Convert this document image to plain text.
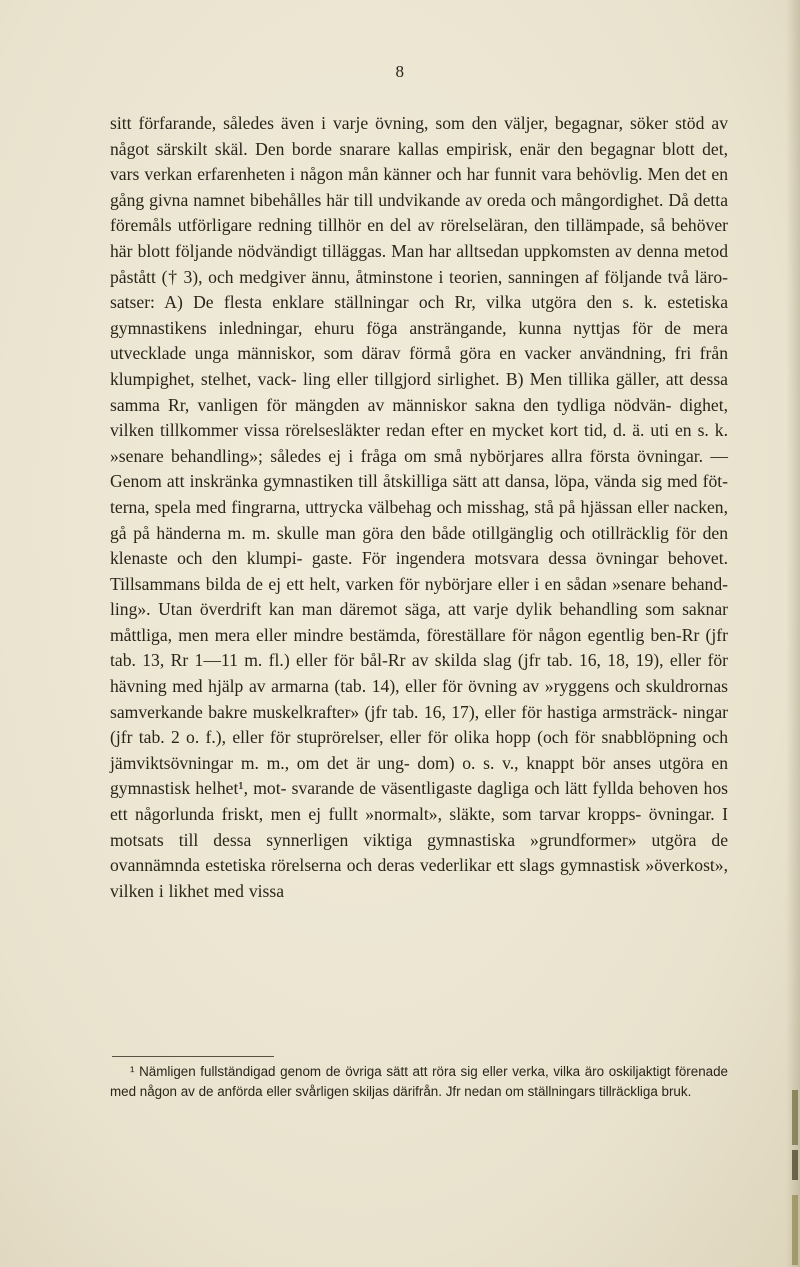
8

sitt förfarande, således även i varje övning, som den väljer, begagnar, söker stöd av något särskilt skäl. Den borde snarare kallas empirisk, enär den begagnar blott det, vars verkan erfarenheten i någon mån känner och har funnit vara behövlig. Men det en gång givna namnet bibehålles här till undvikande av oreda och mångordighet. Då detta föremåls utförligare redning tillhör en del av rörelseläran, den tillämpade, så behöver här blott följande nödvändigt tilläggas. Man har alltsedan uppkomsten av denna metod påstått († 3), och medgiver ännu, åtminstone i teorien, sanningen af följande två läro- satser: A) De flesta enklare ställningar och Rr, vilka utgöra den s. k. estetiska gymnastikens inledningar, ehuru föga ansträngande, kunna nyttjas för de mera utvecklade unga människor, som därav förmå göra en vacker användning, fri från klumpighet, stelhet, vack- ling eller tillgjord sirlighet. B) Men tillika gäller, att dessa samma Rr, vanligen för mängden av människor sakna den tydliga nödvän- dighet, vilken tillkommer vissa rörelsesläkter redan efter en mycket kort tid, d. ä. uti en s. k. »senare behandling»; således ej i fråga om små nybörjares allra första övningar. — Genom att inskränka gymnastiken till åtskilliga sätt att dansa, löpa, vända sig med föt- terna, spela med fingrarna, uttrycka välbehag och misshag, stå på hjässan eller nacken, gå på händerna m. m. skulle man göra den både otillgänglig och otillräcklig för den klenaste och den klumpi- gaste. För ingendera motsvara dessa övningar behovet. Tillsammans bilda de ej ett helt, varken för nybörjare eller i en sådan »senare behand- ling». Utan överdrift kan man däremot säga, att varje dylik behandling som saknar måttliga, men mera eller mindre bestämda, föreställare för någon egentlig ben-Rr (jfr tab. 13, Rr 1—11 m. fl.) eller för bål-Rr av skilda slag (jfr tab. 16, 18, 19), eller för hävning med hjälp av armarna (tab. 14), eller för övning av »ryggens och skuldrornas samverkande bakre muskelkrafter» (jfr tab. 16, 17), eller för hastiga armsträck- ningar (jfr tab. 2 o. f.), eller för stuprörelser, eller för olika hopp (och för snabblöpning och jämviktsövningar m. m., om det är ung- dom) o. s. v., knappt bör anses utgöra en gymnastisk helhet¹, mot- svarande de väsentligaste dagliga och lätt fyllda behoven hos ett någorlunda friskt, men ej fullt »normalt», släkte, som tarvar kropps- övningar. I motsats till dessa synnerligen viktiga gymnastiska »grundformer» utgöra de ovannämnda estetiska rörelserna och deras vederlikar ett slags gymnastisk »överkost», vilken i likhet med vissa

¹ Nämligen fullständigad genom de övriga sätt att röra sig eller verka, vilka äro oskiljaktigt förenade med någon av de anförda eller svårligen skiljas därifrån. Jfr nedan om ställningars tillräckliga bruk.
